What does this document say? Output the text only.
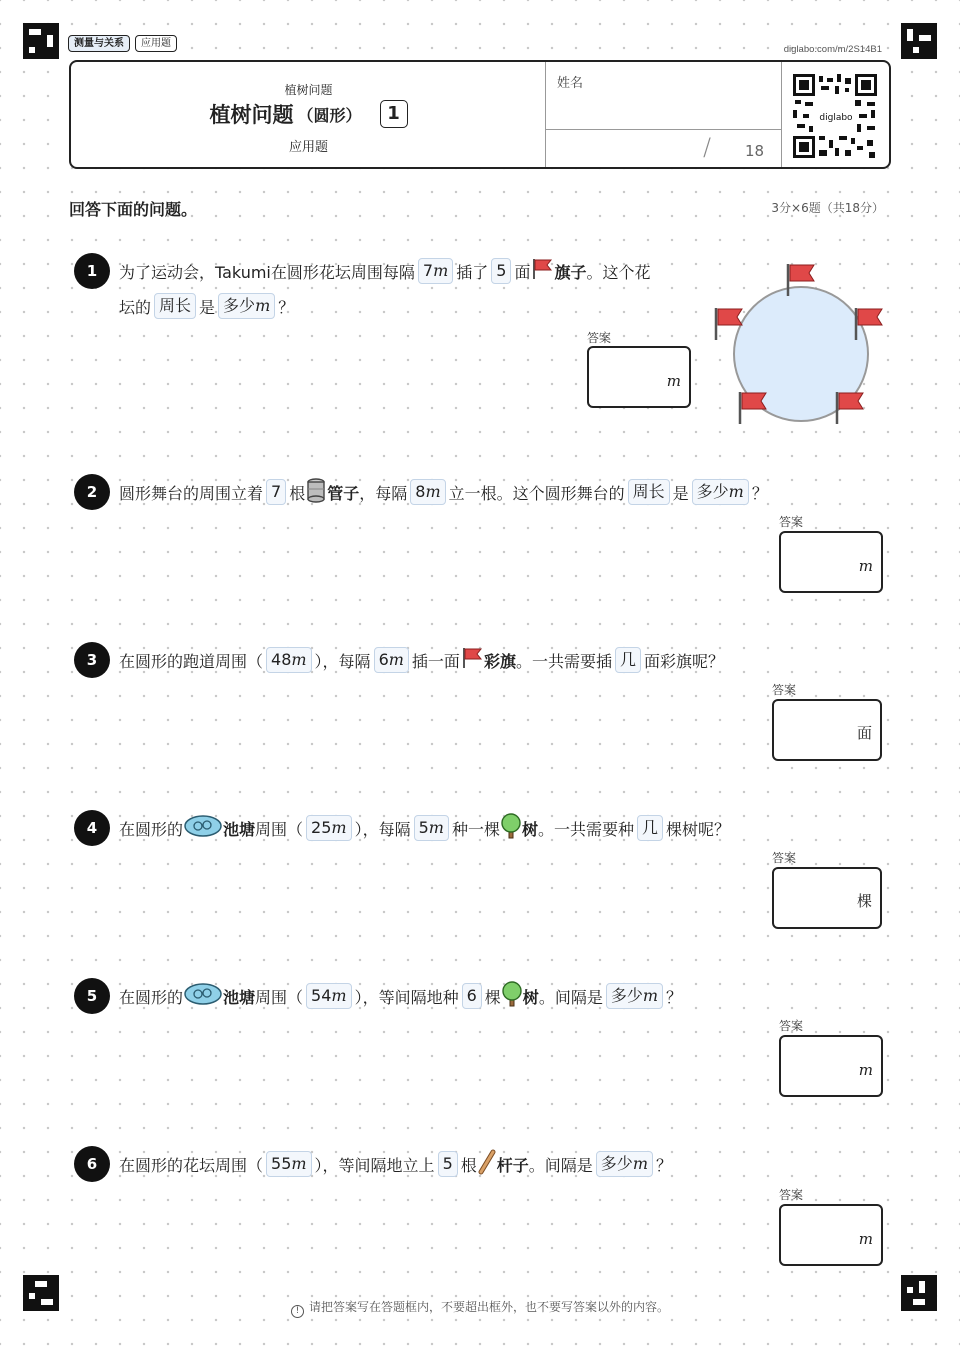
测量与关系	应用题
diglabo.com/m/2S14B1
植树问题
植树问题 （圆形）	1
应用题
姓名
/ 18
diglabo
回答下面的问题。	3分×6题（共18分）
1	为了运动会，Takumi在圆形花坛周围每隔 7m 插了 5 面 旗子 。这个花
坛的 周长 是 多少m ？
答案
m
2	圆形舞台的周围立着 7 根 管子 ，每隔 8m 立一根。这个圆形舞台的 周长 是 多少m ？
答案
m
3	在圆形的跑道周围（ 48m ），每隔 6m 插一面 彩旗 。一共需要插 几 面彩旗呢？
答案
面
4	在圆形的	池塘 周围（ 25m ），每隔 5m 种一棵 树 。一共需要种 几 棵树呢？
答案
棵
5	在圆形的	池塘 周围（ 54m ），等间隔地种 6 棵 树 。间隔是 多少m ？
答案
m
6	在圆形的花坛周围（ 55m ），等间隔地立上 5 根 杆子 。间隔是 多少m ？
答案
m
! 请把答案写在答题框内，不要超出框外，也不要写答案以外的内容。
